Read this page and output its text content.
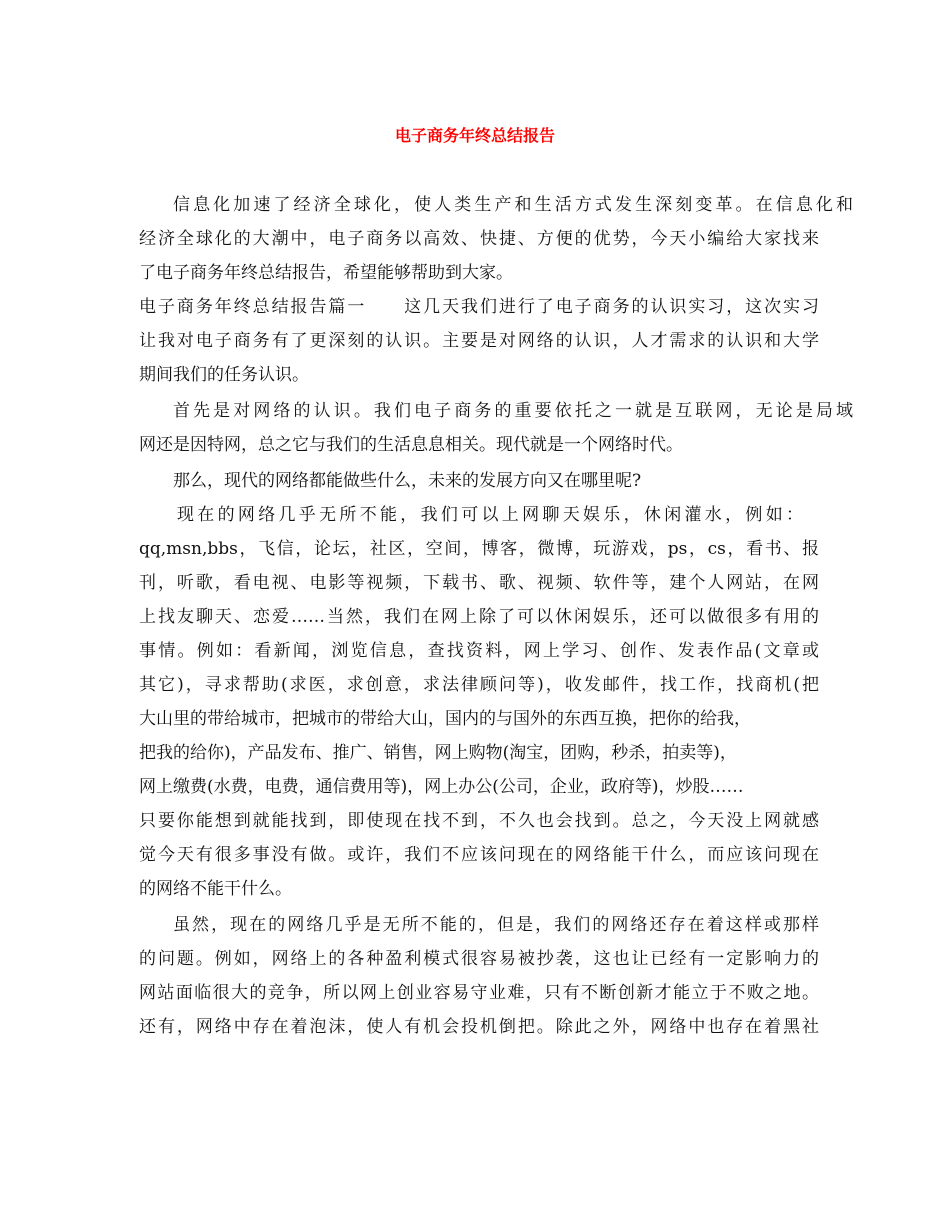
电子商务年终总结报告
信息化加速了经济全球化，使人类生产和生活方式发生深刻变革。在信息化和
经济全球化的大潮中，电子商务以高效、快捷、方便的优势，今天小编给大家找来
了电子商务年终总结报告，希望能够帮助到大家。
电子商务年终总结报告篇一　　这几天我们进行了电子商务的认识实习，这次实习
让我对电子商务有了更深刻的认识。主要是对网络的认识，人才需求的认识和大学
期间我们的任务认识。
首先是对网络的认识。我们电子商务的重要依托之一就是互联网，无论是局域
网还是因特网，总之它与我们的生活息息相关。现代就是一个网络时代。
那么，现代的网络都能做些什么，未来的发展方向又在哪里呢?
现在的网络几乎无所不能，我们可以上网聊天娱乐，休闲灌水，例如：
qq,msn,bbs，飞信，论坛，社区，空间，博客，微博，玩游戏，ps，cs，看书、报
刊，听歌，看电视、电影等视频，下载书、歌、视频、软件等，建个人网站，在网
上找友聊天、恋爱……当然，我们在网上除了可以休闲娱乐，还可以做很多有用的
事情。例如：看新闻，浏览信息，查找资料，网上学习、创作、发表作品(文章或
其它)，寻求帮助(求医，求创意，求法律顾问等)，收发邮件，找工作，找商机(把
大山里的带给城市，把城市的带给大山，国内的与国外的东西互换，把你的给我，
把我的给你)，产品发布、推广、销售，网上购物(淘宝，团购，秒杀，拍卖等)，
网上缴费(水费，电费，通信费用等)，网上办公(公司，企业，政府等)，炒股……
只要你能想到就能找到，即使现在找不到，不久也会找到。总之，今天没上网就感
觉今天有很多事没有做。或许，我们不应该问现在的网络能干什么，而应该问现在
的网络不能干什么。
虽然，现在的网络几乎是无所不能的，但是，我们的网络还存在着这样或那样
的问题。例如，网络上的各种盈利模式很容易被抄袭，这也让已经有一定影响力的
网站面临很大的竞争，所以网上创业容易守业难，只有不断创新才能立于不败之地。
还有，网络中存在着泡沫，使人有机会投机倒把。除此之外，网络中也存在着黑社
